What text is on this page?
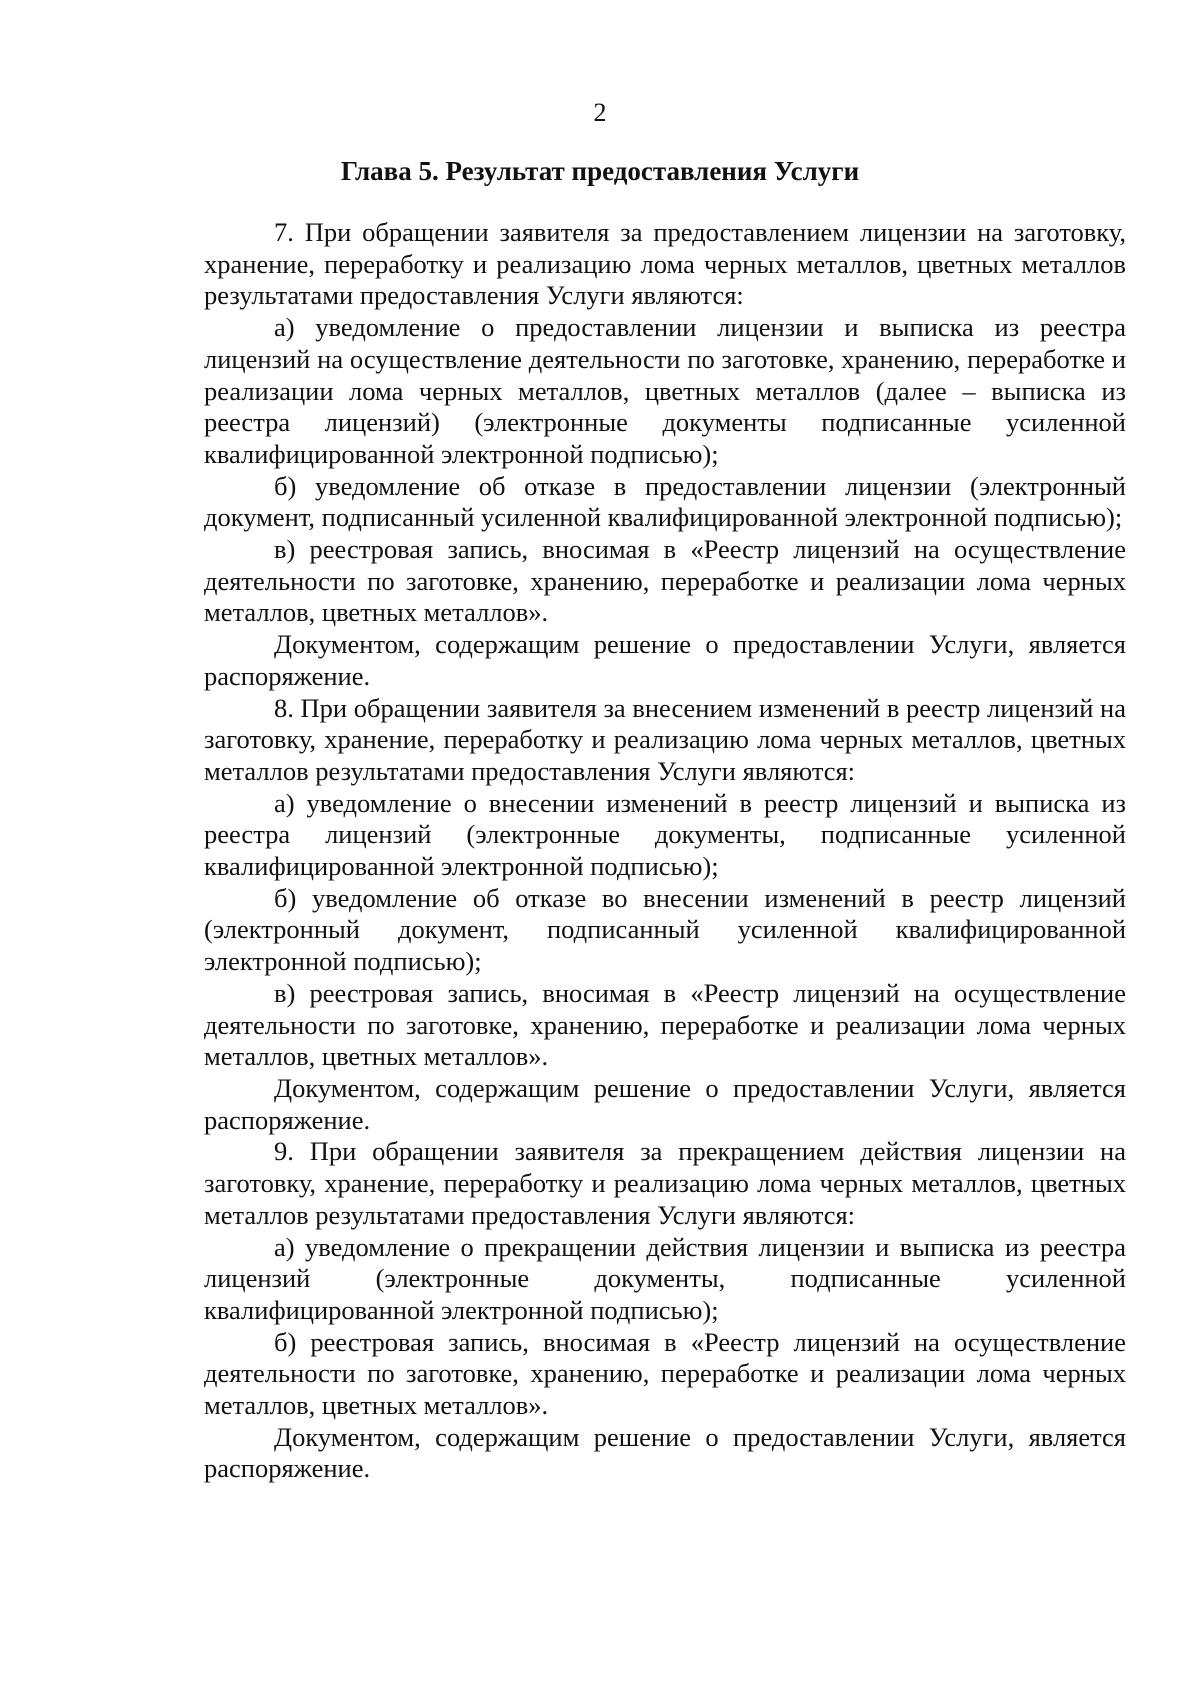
2
Глава 5. Результат предоставления Услуги

7. При обращении заявителя за предоставлением лицензии на заготовку, хранение, переработку и реализацию лома черных металлов, цветных металлов результатами предоставления Услуги являются:

а) уведомление о предоставлении лицензии и выписка из реестра лицензий на осуществление деятельности по заготовке, хранению, переработке и реализации лома черных металлов, цветных металлов (далее – выписка из реестра лицензий) (электронные документы подписанные усиленной квалифицированной электронной подписью);

б) уведомление об отказе в предоставлении лицензии (электронный документ, подписанный усиленной квалифицированной электронной подписью);

в) реестровая запись, вносимая в «Реестр лицензий на осуществление деятельности по заготовке, хранению, переработке и реализации лома черных металлов, цветных металлов».

Документом, содержащим решение о предоставлении Услуги, является распоряжение.

8. При обращении заявителя за внесением изменений в реестр лицензий на заготовку, хранение, переработку и реализацию лома черных металлов, цветных металлов результатами предоставления Услуги являются:

а) уведомление о внесении изменений в реестр лицензий и выписка из реестра лицензий (электронные документы, подписанные усиленной квалифицированной электронной подписью);

б) уведомление об отказе во внесении изменений в реестр лицензий (электронный документ, подписанный усиленной квалифицированной электронной подписью);

в) реестровая запись, вносимая в «Реестр лицензий на осуществление деятельности по заготовке, хранению, переработке и реализации лома черных металлов, цветных металлов».

Документом, содержащим решение о предоставлении Услуги, является распоряжение.

9. При обращении заявителя за прекращением действия лицензии на заготовку, хранение, переработку и реализацию лома черных металлов, цветных металлов результатами предоставления Услуги являются:

а) уведомление о прекращении действия лицензии и выписка из реестра лицензий (электронные документы, подписанные усиленной квалифицированной электронной подписью);

б) реестровая запись, вносимая в «Реестр лицензий на осуществление деятельности по заготовке, хранению, переработке и реализации лома черных металлов, цветных металлов».

Документом, содержащим решение о предоставлении Услуги, является распоряжение.
